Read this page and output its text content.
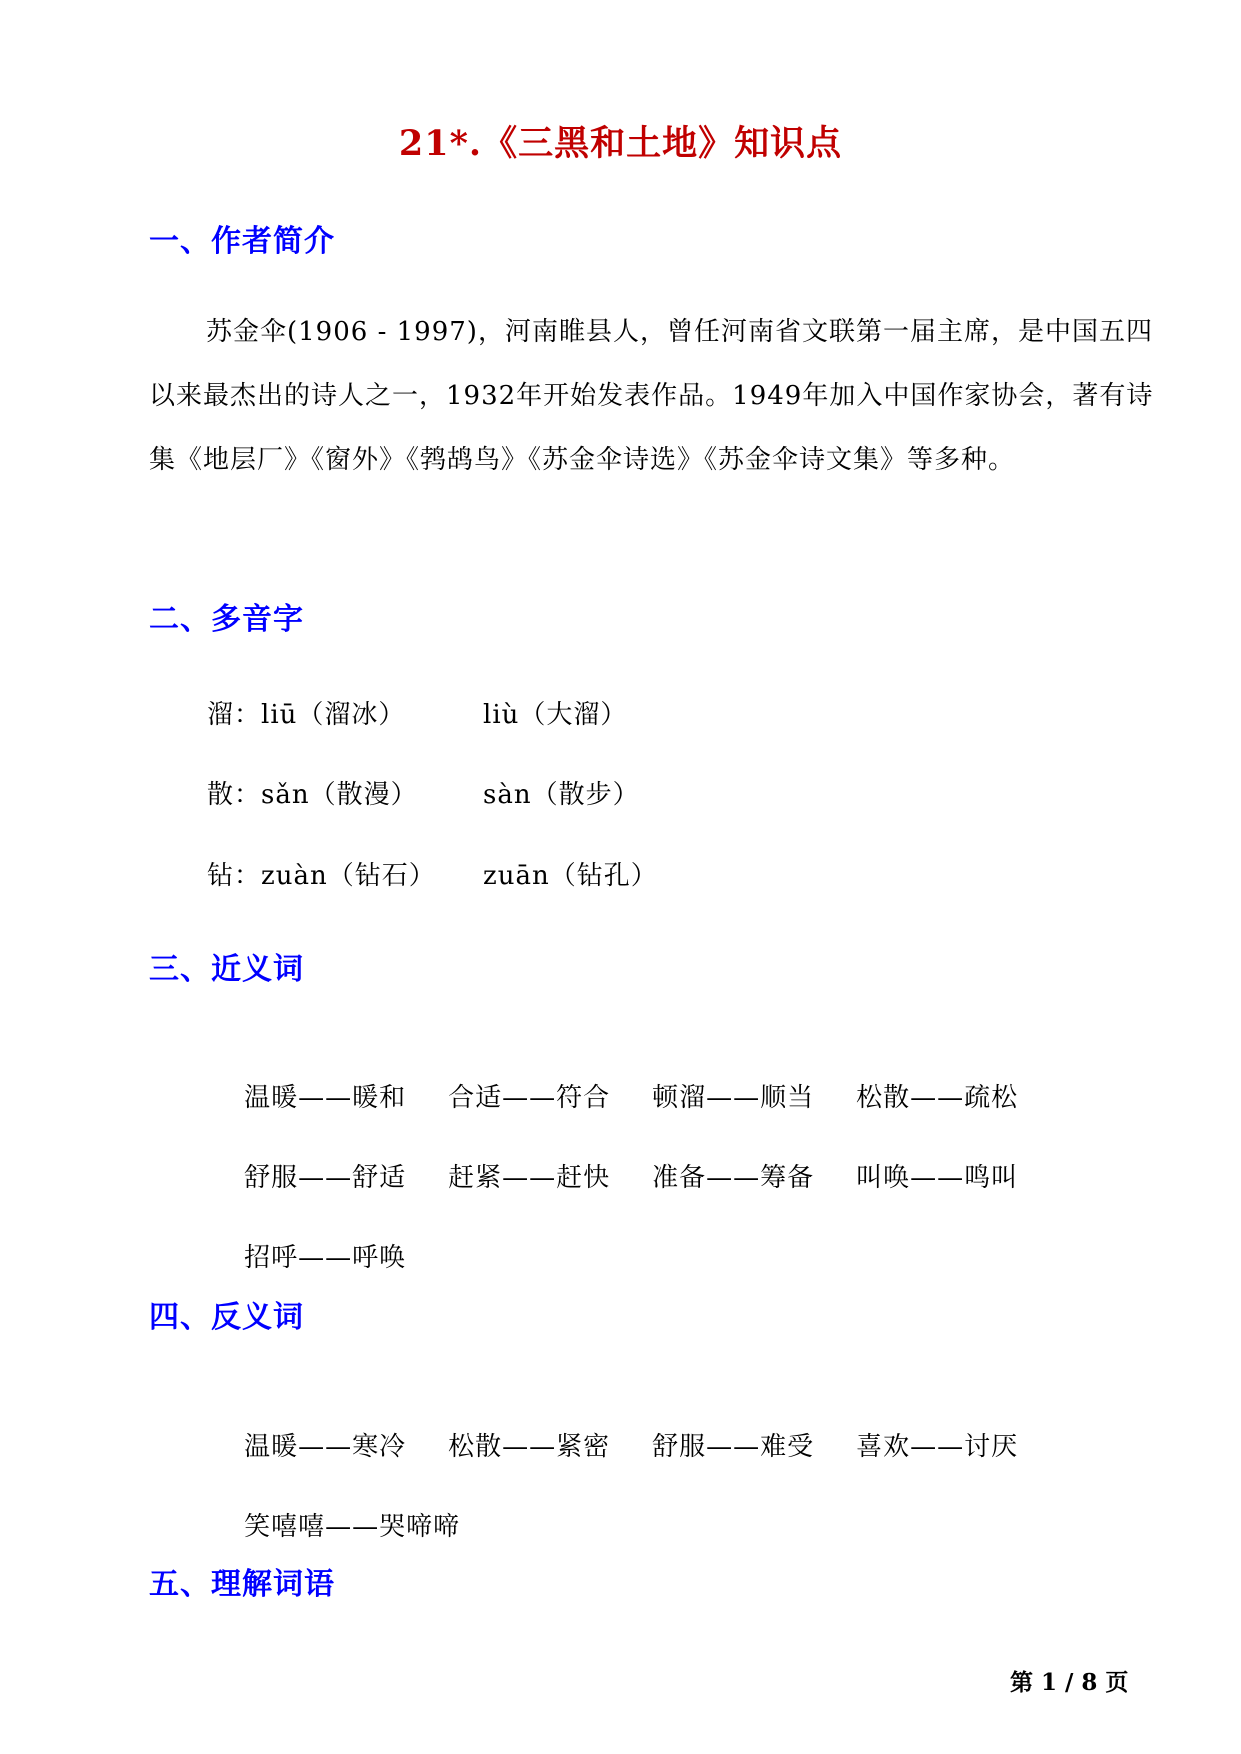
21*.《三黑和土地》知识点
一、作者简介
苏金伞(1906 - 1997)，河南睢县人，曾任河南省文联第一届主席，是中国五四以来最杰出的诗人之一，1932年开始发表作品。1949年加入中国作家协会，著有诗集《地层厂》《窗外》《鹁鸪鸟》《苏金伞诗选》《苏金伞诗文集》等多种。
二、多音字
溜：liū（溜冰）	liù（大溜）
散：sǎn（散漫）	sàn（散步）
钻：zuàn（钻石） zuān（钻孔）
三、近义词

温暖——暖和 合适——符合 顿溜——顺当 松散——疏松

舒服——舒适 赶紧——赶快 准备——筹备 叫唤——鸣叫

招呼——呼唤

四、反义词

温暖——寒冷 松散——紧密 舒服——难受 喜欢——讨厌

笑嘻嘻——哭啼啼

五、理解词语
第 1 / 8 页
